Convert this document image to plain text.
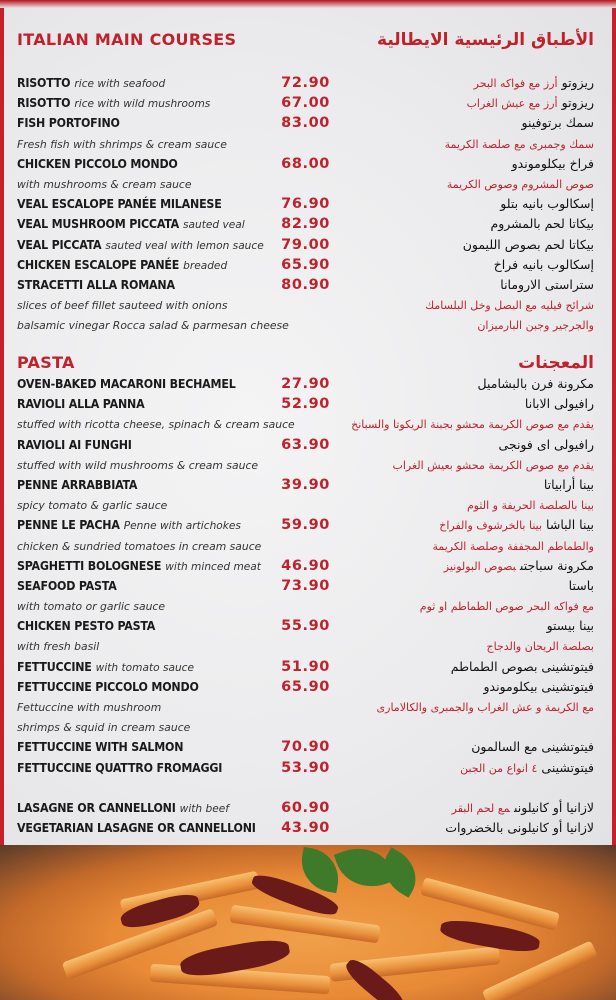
ITALIAN MAIN COURSES	الأطباق الرئيسية الايطالية
RISOTTO rice with seafood	72.90	ريزوتوأرز مع فواكه البحر
RISOTTO rice with wild mushrooms	67.00	ريزوتوأرز مع عيش الغراب
FISH PORTOFINO	83.00	سمك برتوفينو
Fresh fish with shrimps & cream sauce	سمك وجمبرى مع صلصة الكريمة
CHICKEN PICCOLO MONDO	68.00	فراخ بيكلوموندو
with mushrooms & cream sauce	صوص المشروم وصوص الكريمة
VEAL ESCALOPE PANÉE MILANESE	76.90	إسكالوب بانيه بتلو
VEAL MUSHROOM PICCATA sauted veal	82.90	بيكاتا لحم بالمشروم
VEAL PICCATA sauted veal with lemon sauce 79.00	بيكاتا لحم بصوص الليمون
CHICKEN ESCALOPE PANÉE breaded	65.90	إسكالوب بانيه فراخ
STRACETTI ALLA ROMANA	80.90	ستراستى الارومانا
slices of beef fillet sauteed with onions	شرائح فيليه مع البصل وخل البلسامك
balsamic vinegar Rocca salad & parmesan cheese	والجرجير وجبن البارميزان
PASTA	المعجنات
OVEN-BAKED MACARONI BECHAMEL	27.90	مكرونة فرن بالبشاميل
RAVIOLI ALLA PANNA	52.90	رافيولى الابانا
stuffed with ricotta cheese, spinach & cream sauce	يقدم مع صوص الكريمة محشو بجبنة الريكوتا والسبانخ
RAVIOLI AI FUNGHI	63.90	رافيولى اى فونجى
stuffed with wild mushrooms & cream sauce	يقدم مع صوص الكريمة محشو بعيش الغراب
PENNE ARRABBIATA	39.90	بينا أرابياتا
spicy tomato & garlic sauce	بينا بالصلصة الحريفة و الثوم
PENNE LE PACHA Penne with artichokes	59.90	بينا الباشابينا بالخرشوف والفراخ
chicken & sundried tomatoes in cream sauce	والطماطم المجففة وصلصة الكريمة
SPAGHETTI BOLOGNESE with minced meat 46.90	مكرونة سباجتىبصوص البولونيز
SEAFOOD PASTA	73.90	باستا
with tomato or garlic sauce	مع فواكه البحر صوص الطماطم او ثوم
CHICKEN PESTO PASTA	55.90	بينا بيستو
with fresh basil	بصلصة الريحان والدجاج
FETTUCCINE with tomato sauce	51.90	فيتوتشينى بصوص الطماطم
FETTUCCINE PICCOLO MONDO	65.90	فيتوتشينى بيكلوموندو
Fettuccine with mushroom	مع الكريمة و عش الغراب والجمبرى والكالامارى
shrimps & squid in cream sauce
FETTUCCINE WITH SALMON	70.90	فيتوتشينى مع السالمون
FETTUCCINE QUATTRO FROMAGGI	53.90	فيتوتشينى٤ انواع من الجبن
LASAGNE OR CANNELLONI with beef	60.90	لازانيا أو كانيلونىمع لحم البقر
VEGETARIAN LASAGNE OR CANNELLONI 43.90	لازانيا أو كانيلونى بالخضروات
